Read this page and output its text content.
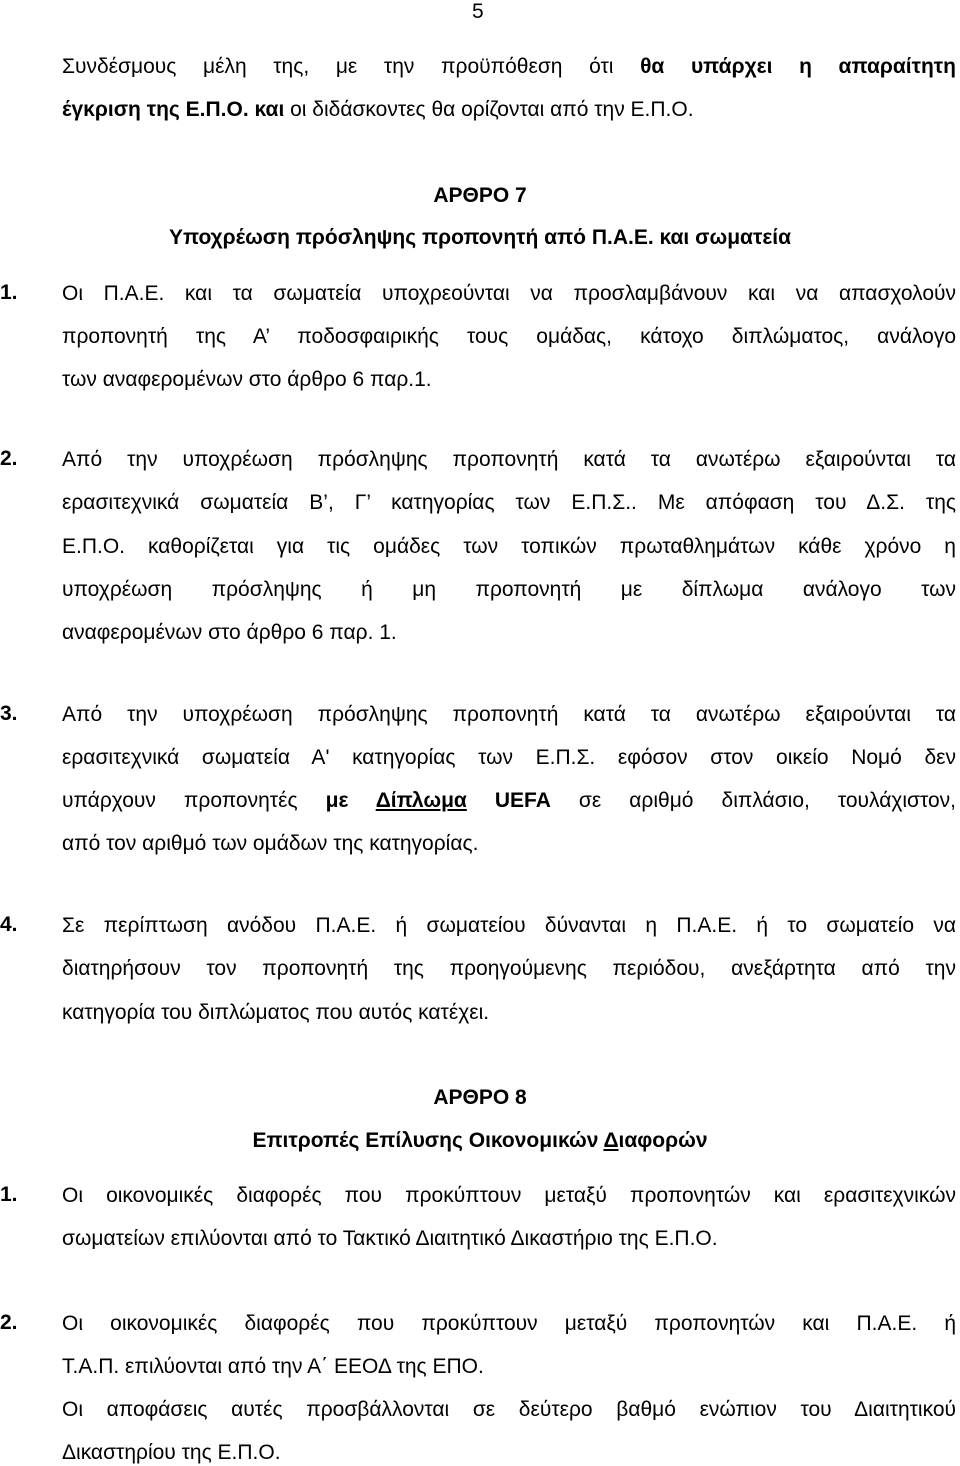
5
Συνδέσμους μέλη της, με την προϋπόθεση ότι θα υπάρχει η απαραίτητη
έγκριση της Ε.Π.Ο. και οι διδάσκοντες θα ορίζονται από την Ε.Π.Ο.
ΑΡΘΡΟ 7
Υποχρέωση πρόσληψης προπονητή από Π.Α.Ε. και σωματεία
1. Οι Π.Α.Ε. και τα σωματεία υποχρεούνται να προσλαμβάνουν και να απασχολούν
προπονητή της Α’ ποδοσφαιρικής τους ομάδας, κάτοχο διπλώματος, ανάλογο
των αναφερομένων στο άρθρο 6 παρ.1.
2. Από την υποχρέωση πρόσληψης προπονητή κατά τα ανωτέρω εξαιρούνται τα
ερασιτεχνικά σωματεία Β’, Γ’ κατηγορίας των Ε.Π.Σ.. Με απόφαση του Δ.Σ. της
Ε.Π.Ο. καθορίζεται για τις ομάδες των τοπικών πρωταθλημάτων κάθε χρόνο η
υποχρέωση πρόσληψης ή μη προπονητή με δίπλωμα ανάλογο των
αναφερομένων στο άρθρο 6 παρ. 1.
3. Από την υποχρέωση πρόσληψης προπονητή κατά τα ανωτέρω εξαιρούνται τα
ερασιτεχνικά σωματεία Α' κατηγορίας των Ε.Π.Σ. εφόσον στον οικείο Νομό δεν
υπάρχουν προπονητές με Δίπλωμα UEFA σε αριθμό διπλάσιο, τουλάχιστον,
από τον αριθμό των ομάδων της κατηγορίας.
4. Σε περίπτωση ανόδου Π.Α.Ε. ή σωματείου δύνανται η Π.Α.Ε. ή το σωματείο να
διατηρήσουν τον προπονητή της προηγούμενης περιόδου, ανεξάρτητα από την
κατηγορία του διπλώματος που αυτός κατέχει.
ΑΡΘΡΟ 8
Επιτροπές Επίλυσης Οικονομικών Διαφορών
1. Οι οικονομικές διαφορές που προκύπτουν μεταξύ προπονητών και ερασιτεχνικών
σωματείων επιλύονται από το Τακτικό Διαιτητικό Δικαστήριο της Ε.Π.Ο.
2. Οι οικονομικές διαφορές που προκύπτουν μεταξύ προπονητών και Π.Α.Ε. ή
Τ.Α.Π. επιλύονται από την Α΄ ΕΕΟΔ της ΕΠΟ.
Οι αποφάσεις αυτές προσβάλλονται σε δεύτερο βαθμό ενώπιον του Διαιτητικού
Δικαστηρίου της Ε.Π.Ο.
